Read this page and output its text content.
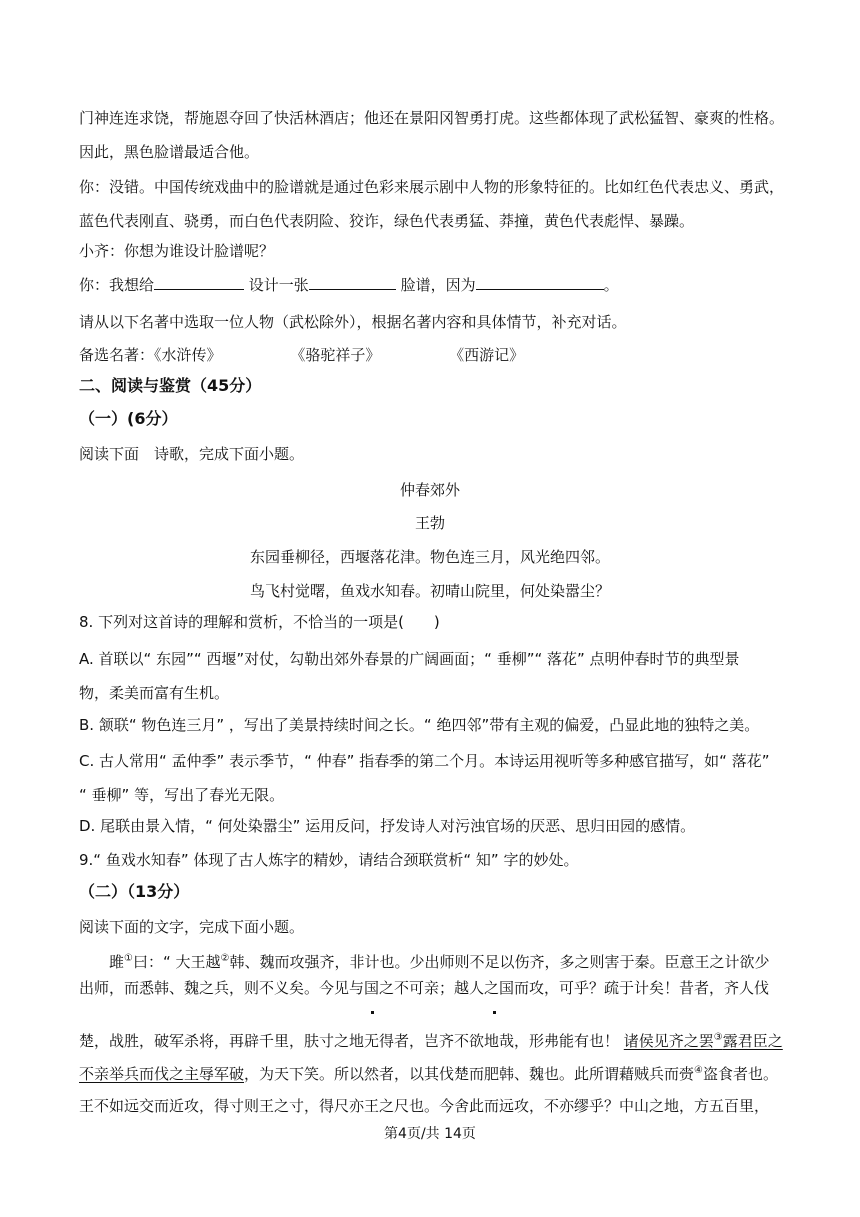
门神连连求饶，帮施恩夺回了快活林酒店；他还在景阳冈智勇打虎。这些都体现了武松猛智、豪爽的性格。
因此，黑色脸谱最适合他。
你：没错。中国传统戏曲中的脸谱就是通过色彩来展示剧中人物的形象特征的。比如红色代表忠义、勇武，
蓝色代表刚直、骁勇，而白色代表阴险、狡诈，绿色代表勇猛、莽撞，黄色代表彪悍、暴躁。
小齐：你想为谁设计脸谱呢？
你：我想给	设计一张	脸谱，因为	。
请从以下名著中选取一位人物（武松除外），根据名著内容和具体情节，补充对话。
备选名著：《水浒传》	《骆驼祥子》	《西游记》
二、阅读与鉴赏（45分）
（一）(6分）
阅读下面　诗歌，完成下面小题。
仲春郊外
王勃
东园垂柳径，西堰落花津。物色连三月，风光绝四邻。
鸟飞村觉曙，鱼戏水知春。初晴山院里，何处染嚣尘？
8. 下列对这首诗的理解和赏析，不恰当的一项是(　　)
A. 首联以“ 东园”“ 西堰”对仗，勾勒出郊外春景的广阔画面；“ 垂柳”“ 落花” 点明仲春时节的典型景
物，柔美而富有生机。
B. 颔联“ 物色连三月” ，写出了美景持续时间之长。“ 绝四邻”带有主观的偏爱，凸显此地的独特之美。
C. 古人常用“ 孟仲季” 表示季节，“ 仲春” 指春季的第二个月。本诗运用视听等多种感官描写，如“ 落花”
“ 垂柳” 等，写出了春光无限。
D. 尾联由景入情，“ 何处染嚣尘” 运用反问，抒发诗人对污浊官场的厌恶、思归田园的感情。
9.“ 鱼戏水知春” 体现了古人炼字的精妙，请结合颈联赏析“ 知” 字的妙处。
（二）（13分）
阅读下面的文字，完成下面小题。
雎①曰：“ 大王越②韩、魏而攻强齐，非计也。少出师则不足以伤齐，多之则害于秦。臣意王之计欲少
出师，而悉韩、魏之兵，则不义矣。今见与国之不可亲；越人之国而攻，可乎？疏于计矣！昔者，齐人伐
楚，战胜，破军杀将，再辟千里，肤寸之地无得者，岂齐不欲地哉，形弗能有也！ 诸侯见齐之罢③露君臣之
不亲举兵而伐之主辱军破，为天下笑。所以然者，以其伐楚而肥韩、魏也。此所谓藉贼兵而赍④盗食者也。
王不如远交而近攻，得寸则王之寸，得尺亦王之尺也。今舍此而远攻，不亦缪乎？中山之地，方五百里，
第4页/共 14页
